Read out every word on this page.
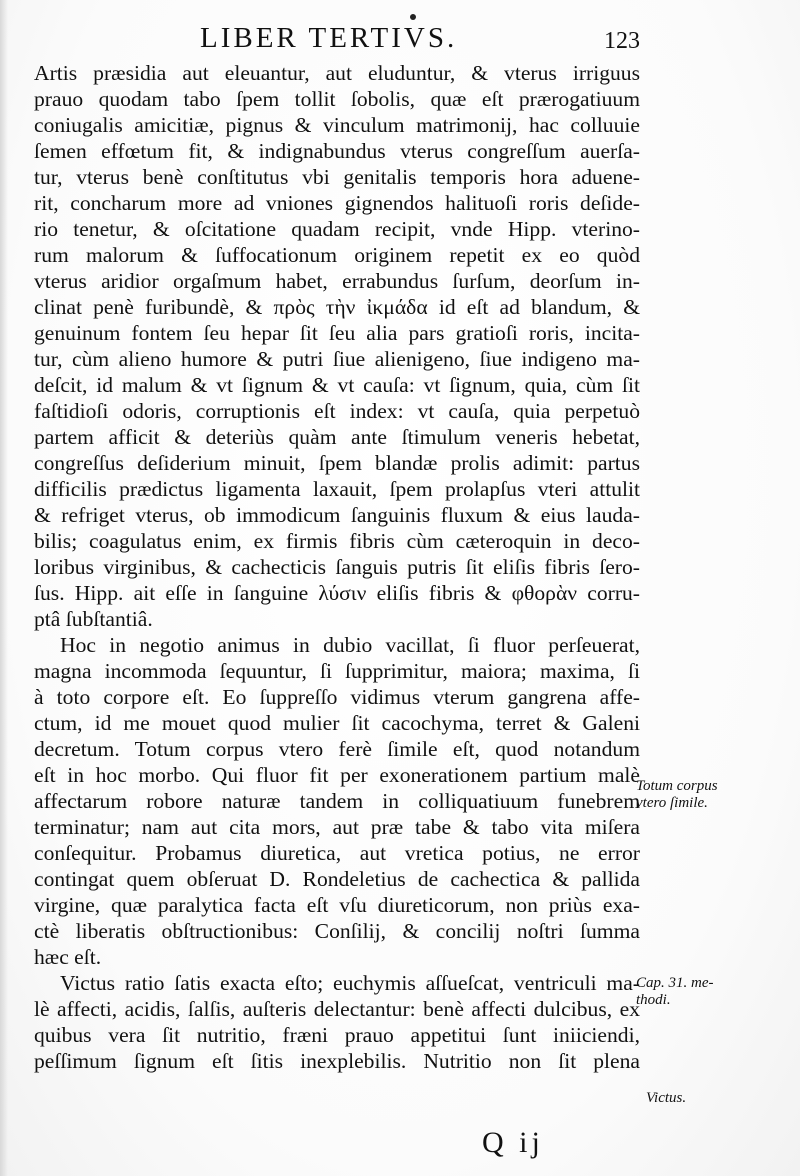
LIBER TERTIVS.	123
Artis præsidia aut eleuantur, aut eluduntur, & vterus irriguus
prauo quodam tabo ſpem tollit ſobolis, quæ eſt prærogatiuum
coniugalis amicitiæ, pignus & vinculum matrimonij, hac colluuie
ſemen effœtum fit, & indignabundus vterus congreſſum auerſa-
tur, vterus benè conſtitutus vbi genitalis temporis hora aduene-
rit, concharum more ad vniones gignendos halituoſi roris deſide-
rio tenetur, & oſcitatione quadam recipit, vnde Hipp. vterino-
rum malorum & ſuffocationum originem repetit ex eo quòd
vterus aridior orgaſmum habet, errabundus ſurſum, deorſum in-
clinat penè furibundè, & πρὸς τὴν ἰκμάδα id eſt ad blandum, &
genuinum fontem ſeu hepar ſit ſeu alia pars gratioſi roris, incita-
tur, cùm alieno humore & putri ſiue alienigeno, ſiue indigeno ma-
deſcit, id malum & vt ſignum & vt cauſa: vt ſignum, quia, cùm ſit
faſtidioſi odoris, corruptionis eſt index: vt cauſa, quia perpetuò
partem afficit & deteriùs quàm ante ſtimulum veneris hebetat,
congreſſus deſiderium minuit, ſpem blandæ prolis adimit: partus
difficilis prædictus ligamenta laxauit, ſpem prolapſus vteri attulit
& refriget vterus, ob immodicum ſanguinis fluxum & eius lauda-
bilis; coagulatus enim, ex firmis fibris cùm cæteroquin in deco-
loribus virginibus, & cachecticis ſanguis putris ſit eliſis fibris ſero-
ſus. Hipp. ait eſſe in ſanguine λύσιν eliſis fibris & φθορὰν corru-
ptâ ſubſtantiâ.
Hoc in negotio animus in dubio vacillat, ſi fluor perſeuerat,
magna incommoda ſequuntur, ſi ſupprimitur, maiora; maxima, ſi
à toto corpore eſt. Eo ſuppreſſo vidimus vterum gangrena affe-
ctum, id me mouet quod mulier ſit cacochyma, terret & Galeni
decretum. Totum corpus vtero ferè ſimile eſt, quod notandum
eſt in hoc morbo. Qui fluor fit per exonerationem partium malè
affectarum robore naturæ tandem in colliquatiuum funebrem
terminatur; nam aut cita mors, aut præ tabe & tabo vita miſera
conſequitur. Probamus diuretica, aut vretica potius, ne error
contingat quem obſeruat D. Rondeletius de cachectica & pallida
virgine, quæ paralytica facta eſt vſu diureticorum, non priùs exa-
ctè liberatis obſtructionibus: Conſilij, & concilij noſtri ſumma
hæc eſt.
Victus ratio ſatis exacta eſto; euchymis aſſueſcat, ventriculi ma-
lè affecti, acidis, ſalſis, auſteris delectantur: benè affecti dulcibus, ex
quibus vera ſit nutritio, fræni prauo appetitui ſunt iniiciendi,
peſſimum ſignum eſt ſitis inexplebilis. Nutritio non ſit plena
Totum corpus
vtero ſimile.
Cap. 31. me-
thodi.
Victus.
Q ij
